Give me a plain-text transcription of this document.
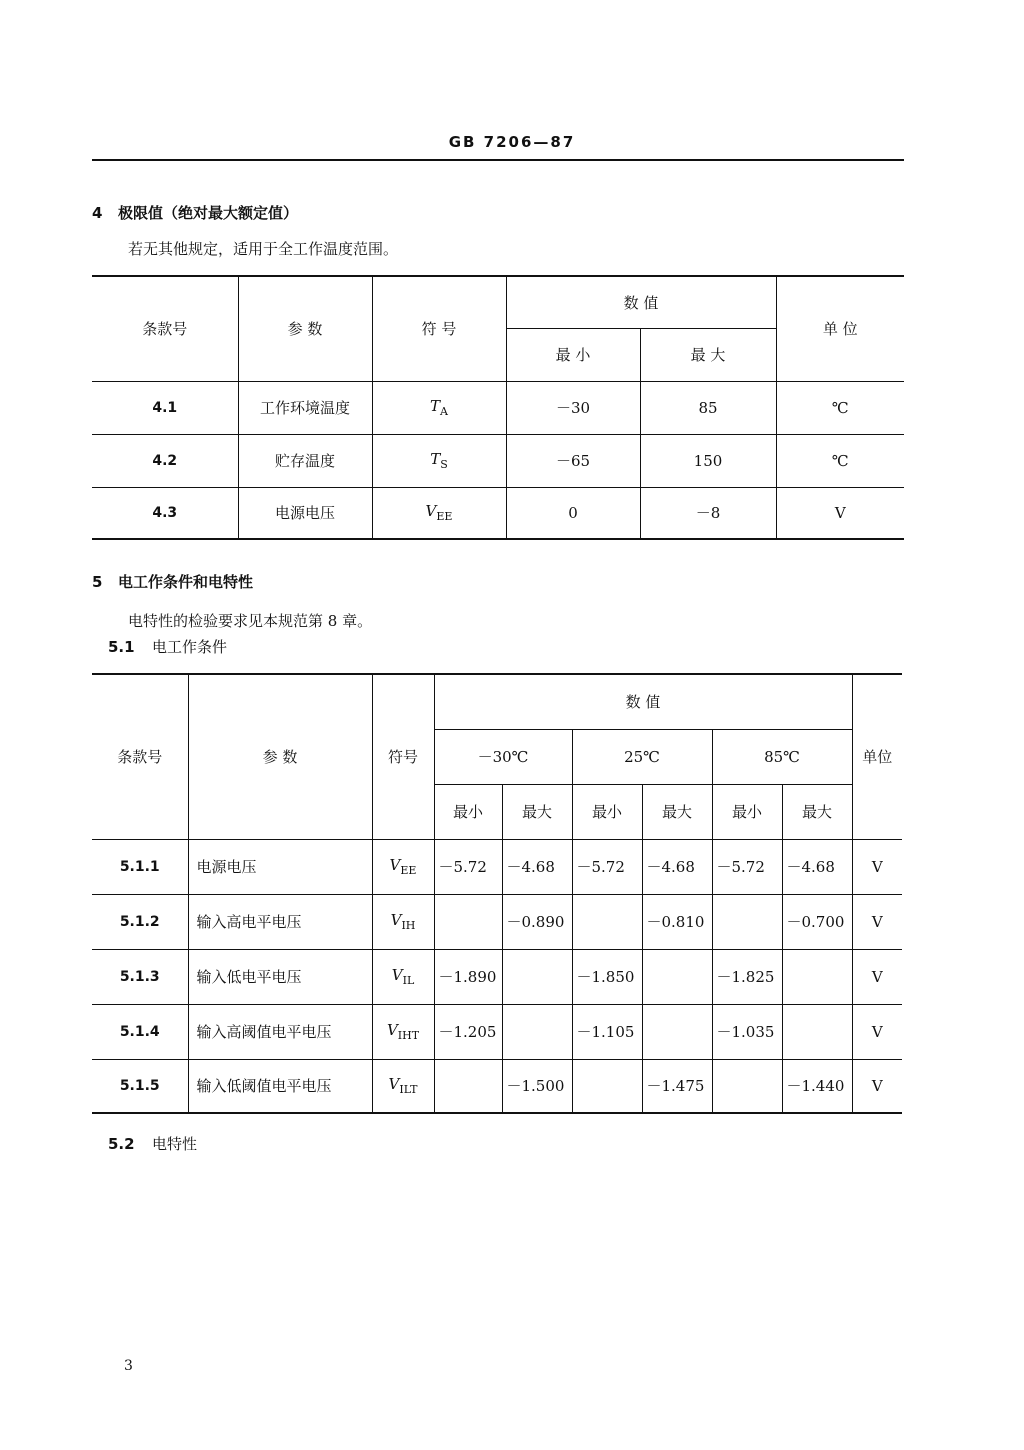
GB 7206—87
4 极限值（绝对最大额定值）
若无其他规定，适用于全工作温度范围。
条款号	参 数	符 号	数 值		单 位
			最 小	最 大	
4.1	工作环境温度	$T_A$	－30	85	℃
4.2	贮存温度	$T_S$	－65	150	℃
4.3	电源电压	$V_{EE}$	0	－8	V
5 电工作条件和电特性
电特性的检验要求见本规范第 8 章。
5.1 电工作条件
条款号	参 数	符号	数 值						单位
			－30℃		25℃		85℃		
			最小	最大	最小	最大	最小	最大	
5.1.1	电源电压	$V_{EE}$	－5.72	－4.68	－5.72	－4.68	－5.72	－4.68	V
5.1.2	输入高电平电压	$V_{IH}$		－0.890		－0.810		－0.700	V
5.1.3	输入低电平电压	$V_{IL}$	－1.890		－1.850		－1.825		V
5.1.4	输入高阈值电平电压	$V_{IHT}$	－1.205		－1.105		－1.035		V
5.1.5	输入低阈值电平电压	$V_{ILT}$		－1.500		－1.475		－1.440	V
5.2 电特性
3
